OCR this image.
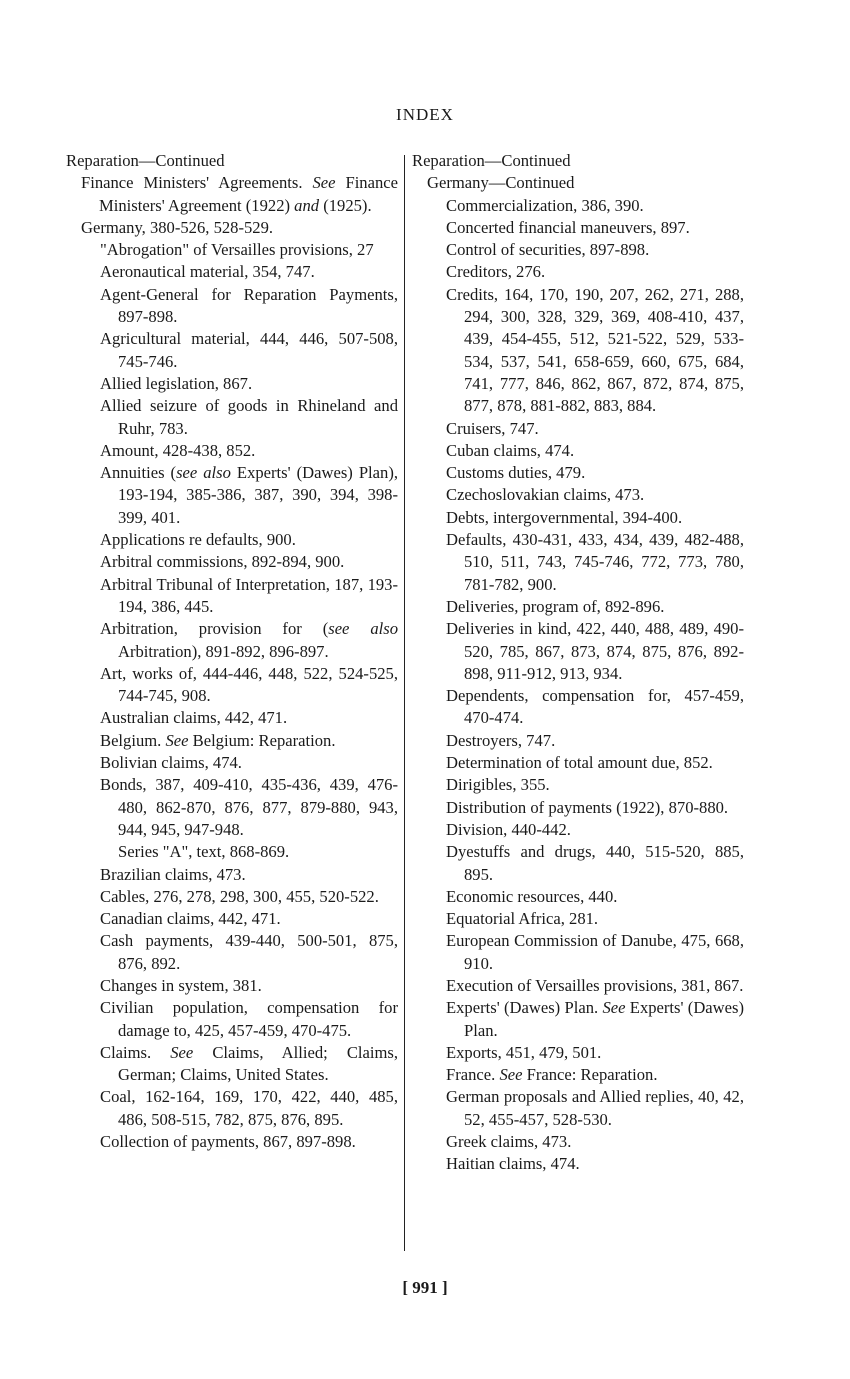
INDEX

Reparation—Continued

Finance Ministers' Agreements. See Finance Ministers' Agreement (1922) and (1925).

Germany, 380-526, 528-529.

"Abrogation" of Versailles provisions, 27

Aeronautical material, 354, 747.

Agent-General for Reparation Payments, 897-898.

Agricultural material, 444, 446, 507-508, 745-746.

Allied legislation, 867.

Allied seizure of goods in Rhineland and Ruhr, 783.

Amount, 428-438, 852.

Annuities (see also Experts' (Dawes) Plan), 193-194, 385-386, 387, 390, 394, 398-399, 401.

Applications re defaults, 900.

Arbitral commissions, 892-894, 900.

Arbitral Tribunal of Interpretation, 187, 193-194, 386, 445.

Arbitration, provision for (see also Arbitration), 891-892, 896-897.

Art, works of, 444-446, 448, 522, 524-525, 744-745, 908.

Australian claims, 442, 471.

Belgium. See Belgium: Reparation.

Bolivian claims, 474.

Bonds, 387, 409-410, 435-436, 439, 476-480, 862-870, 876, 877, 879-880, 943, 944, 945, 947-948.

Series "A", text, 868-869.

Brazilian claims, 473.

Cables, 276, 278, 298, 300, 455, 520-522.

Canadian claims, 442, 471.

Cash payments, 439-440, 500-501, 875, 876, 892.

Changes in system, 381.

Civilian population, compensation for damage to, 425, 457-459, 470-475.

Claims. See Claims, Allied; Claims, German; Claims, United States.

Coal, 162-164, 169, 170, 422, 440, 485, 486, 508-515, 782, 875, 876, 895.

Collection of payments, 867, 897-898.

Reparation—Continued

Germany—Continued

Commercialization, 386, 390.

Concerted financial maneuvers, 897.

Control of securities, 897-898.

Creditors, 276.

Credits, 164, 170, 190, 207, 262, 271, 288, 294, 300, 328, 329, 369, 408-410, 437, 439, 454-455, 512, 521-522, 529, 533-534, 537, 541, 658-659, 660, 675, 684, 741, 777, 846, 862, 867, 872, 874, 875, 877, 878, 881-882, 883, 884.

Cruisers, 747.

Cuban claims, 474.

Customs duties, 479.

Czechoslovakian claims, 473.

Debts, intergovernmental, 394-400.

Defaults, 430-431, 433, 434, 439, 482-488, 510, 511, 743, 745-746, 772, 773, 780, 781-782, 900.

Deliveries, program of, 892-896.

Deliveries in kind, 422, 440, 488, 489, 490-520, 785, 867, 873, 874, 875, 876, 892-898, 911-912, 913, 934.

Dependents, compensation for, 457-459, 470-474.

Destroyers, 747.

Determination of total amount due, 852.

Dirigibles, 355.

Distribution of payments (1922), 870-880.

Division, 440-442.

Dyestuffs and drugs, 440, 515-520, 885, 895.

Economic resources, 440.

Equatorial Africa, 281.

European Commission of Danube, 475, 668, 910.

Execution of Versailles provisions, 381, 867.

Experts' (Dawes) Plan. See Experts' (Dawes) Plan.

Exports, 451, 479, 501.

France. See France: Reparation.

German proposals and Allied replies, 40, 42, 52, 455-457, 528-530.

Greek claims, 473.

Haitian claims, 474.

[ 991 ]
